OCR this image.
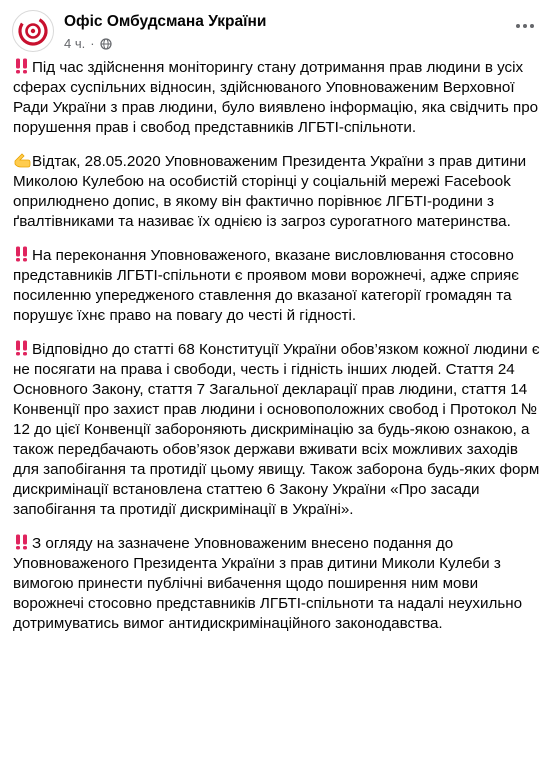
Офіс Омбудсмана України
4 ч. ·

Під час здійснення моніторингу стану дотримання прав людини в усіх сферах суспільних відносин, здійснюваного Уповноваженим Верховної Ради України з прав людини, було виявлено інформацію, яка свідчить про порушення прав і свобод представників ЛГБТІ-спільноти.

Відтак, 28.05.2020 Уповноваженим Президента України з прав дитини Миколою Кулебою на особистій сторінці у соціальній мережі Facebook оприлюднено допис, в якому він фактично порівнює ЛГБТІ-родини з ґвалтівниками та називає їх однією із загроз сурогатного материнства.

На переконання Уповноваженого, вказане висловлювання стосовно представників ЛГБТІ-спільноти є проявом мови ворожнечі, адже сприяє посиленню упередженого ставлення до вказаної категорії громадян та порушує їхнє право на повагу до честі й гідності.

Відповідно до статті 68 Конституції України обов’язком кожної людини є не посягати на права і свободи, честь і гідність інших людей. Стаття 24 Основного Закону, стаття 7 Загальної декларації прав людини, стаття 14 Конвенції про захист прав людини і основоположних свобод і Протокол № 12 до цієї Конвенції забороняють дискримінацію за будь-якою ознакою, а також передбачають обов’язок держави вживати всіх можливих заходів для запобігання та протидії цьому явищу. Також заборона будь-яких форм дискримінації встановлена статтею 6 Закону України «Про засади запобігання та протидії дискримінації в Україні».

З огляду на зазначене Уповноваженим внесено подання до Уповноваженого Президента України з прав дитини Миколи Кулеби з вимогою принести публічні вибачення щодо поширення ним мови ворожнечі стосовно представників ЛГБТІ-спільноти та надалі неухильно дотримуватись вимог антидискримінаційного законодавства.
